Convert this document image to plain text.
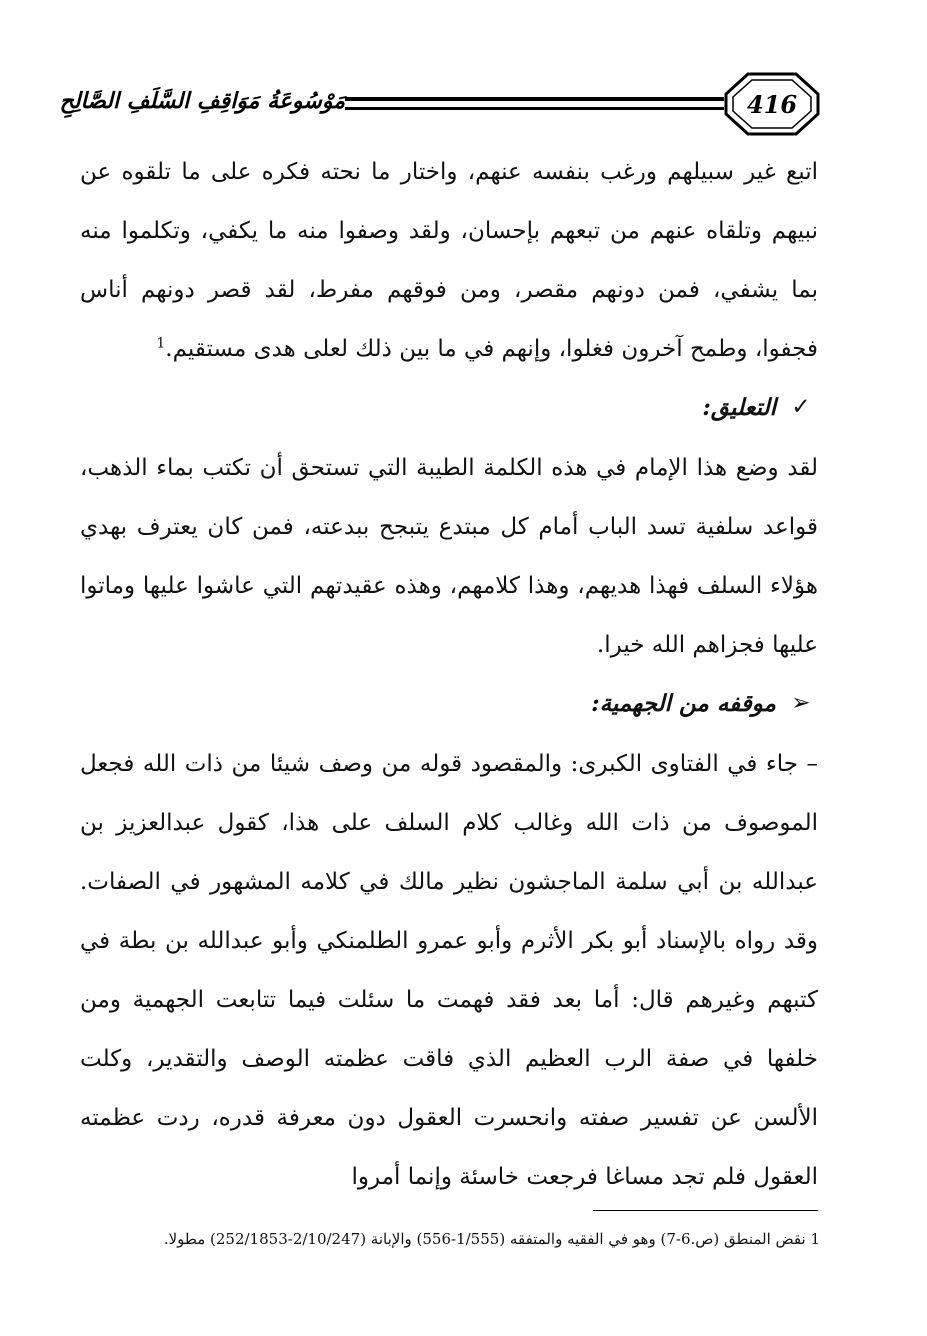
416
مَوْسُوعَةُ مَوَاقِفِ السَّلَفِ الصَّالِحِ

اتبع غير سبيلهم ورغب بنفسه عنهم، واختار ما نحته فكره على ما تلقوه عن نبيهم وتلقاه عنهم من تبعهم بإحسان، ولقد وصفوا منه ما يكفي، وتكلموا منه بما يشفي، فمن دونهم مقصر، ومن فوقهم مفرط، لقد قصر دونهم أناس فجفوا، وطمح آخرون فغلوا، وإنهم في ما بين ذلك لعلى هدى مستقيم.$^1$

✓
التعليق:

لقد وضع هذا الإمام في هذه الكلمة الطيبة التي تستحق أن تكتب بماء الذهب، قواعد سلفية تسد الباب أمام كل مبتدع يتبجح ببدعته، فمن كان يعترف بهدي هؤلاء السلف فهذا هديهم، وهذا كلامهم، وهذه عقيدتهم التي عاشوا عليها وماتوا عليها فجزاهم الله خيرا.

➢
موقفه من الجهمية:

– جاء في الفتاوى الكبرى: والمقصود قوله من وصف شيئا من ذات الله فجعل الموصوف من ذات الله وغالب كلام السلف على هذا، كقول عبدالعزيز بن عبدالله بن أبي سلمة الماجشون نظير مالك في كلامه المشهور في الصفات. وقد رواه بالإسناد أبو بكر الأثرم وأبو عمرو الطلمنكي وأبو عبدالله بن بطة في كتبهم وغيرهم قال: أما بعد فقد فهمت ما سئلت فيما تتابعت الجهمية ومن خلفها في صفة الرب العظيم الذي فاقت عظمته الوصف والتقدير، وكلت الألسن عن تفسير صفته وانحسرت العقول دون معرفة قدره، ردت عظمته العقول فلم تجد مساغا فرجعت خاسئة وإنما أمروا

1 نقض المنطق (ص.6-7) وهو في الفقيه والمتفقه (1/555-556) والإبانة (2/10/247-252/1853) مطولا.
